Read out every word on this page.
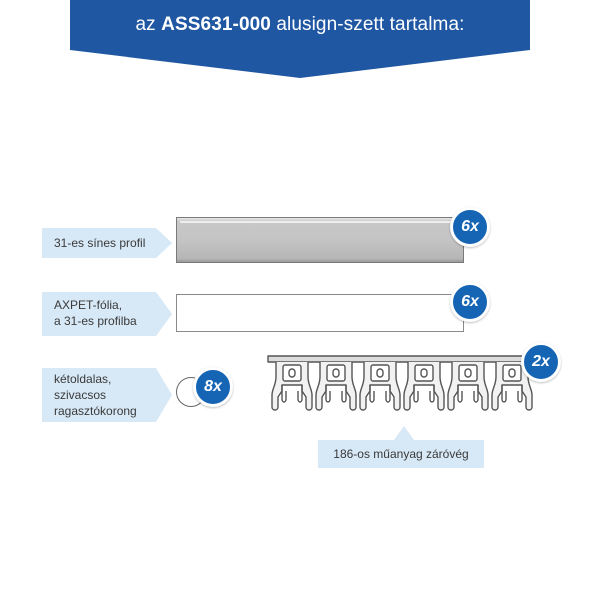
az ASS631-000 alusign-szett tartalma:
31-es sínes profil
6x
AXPET-fólia,
a 31-es profilba
6x
kétoldalas,
szivacsos
ragasztókorong
8x
2x
186-os műanyag záróvég
